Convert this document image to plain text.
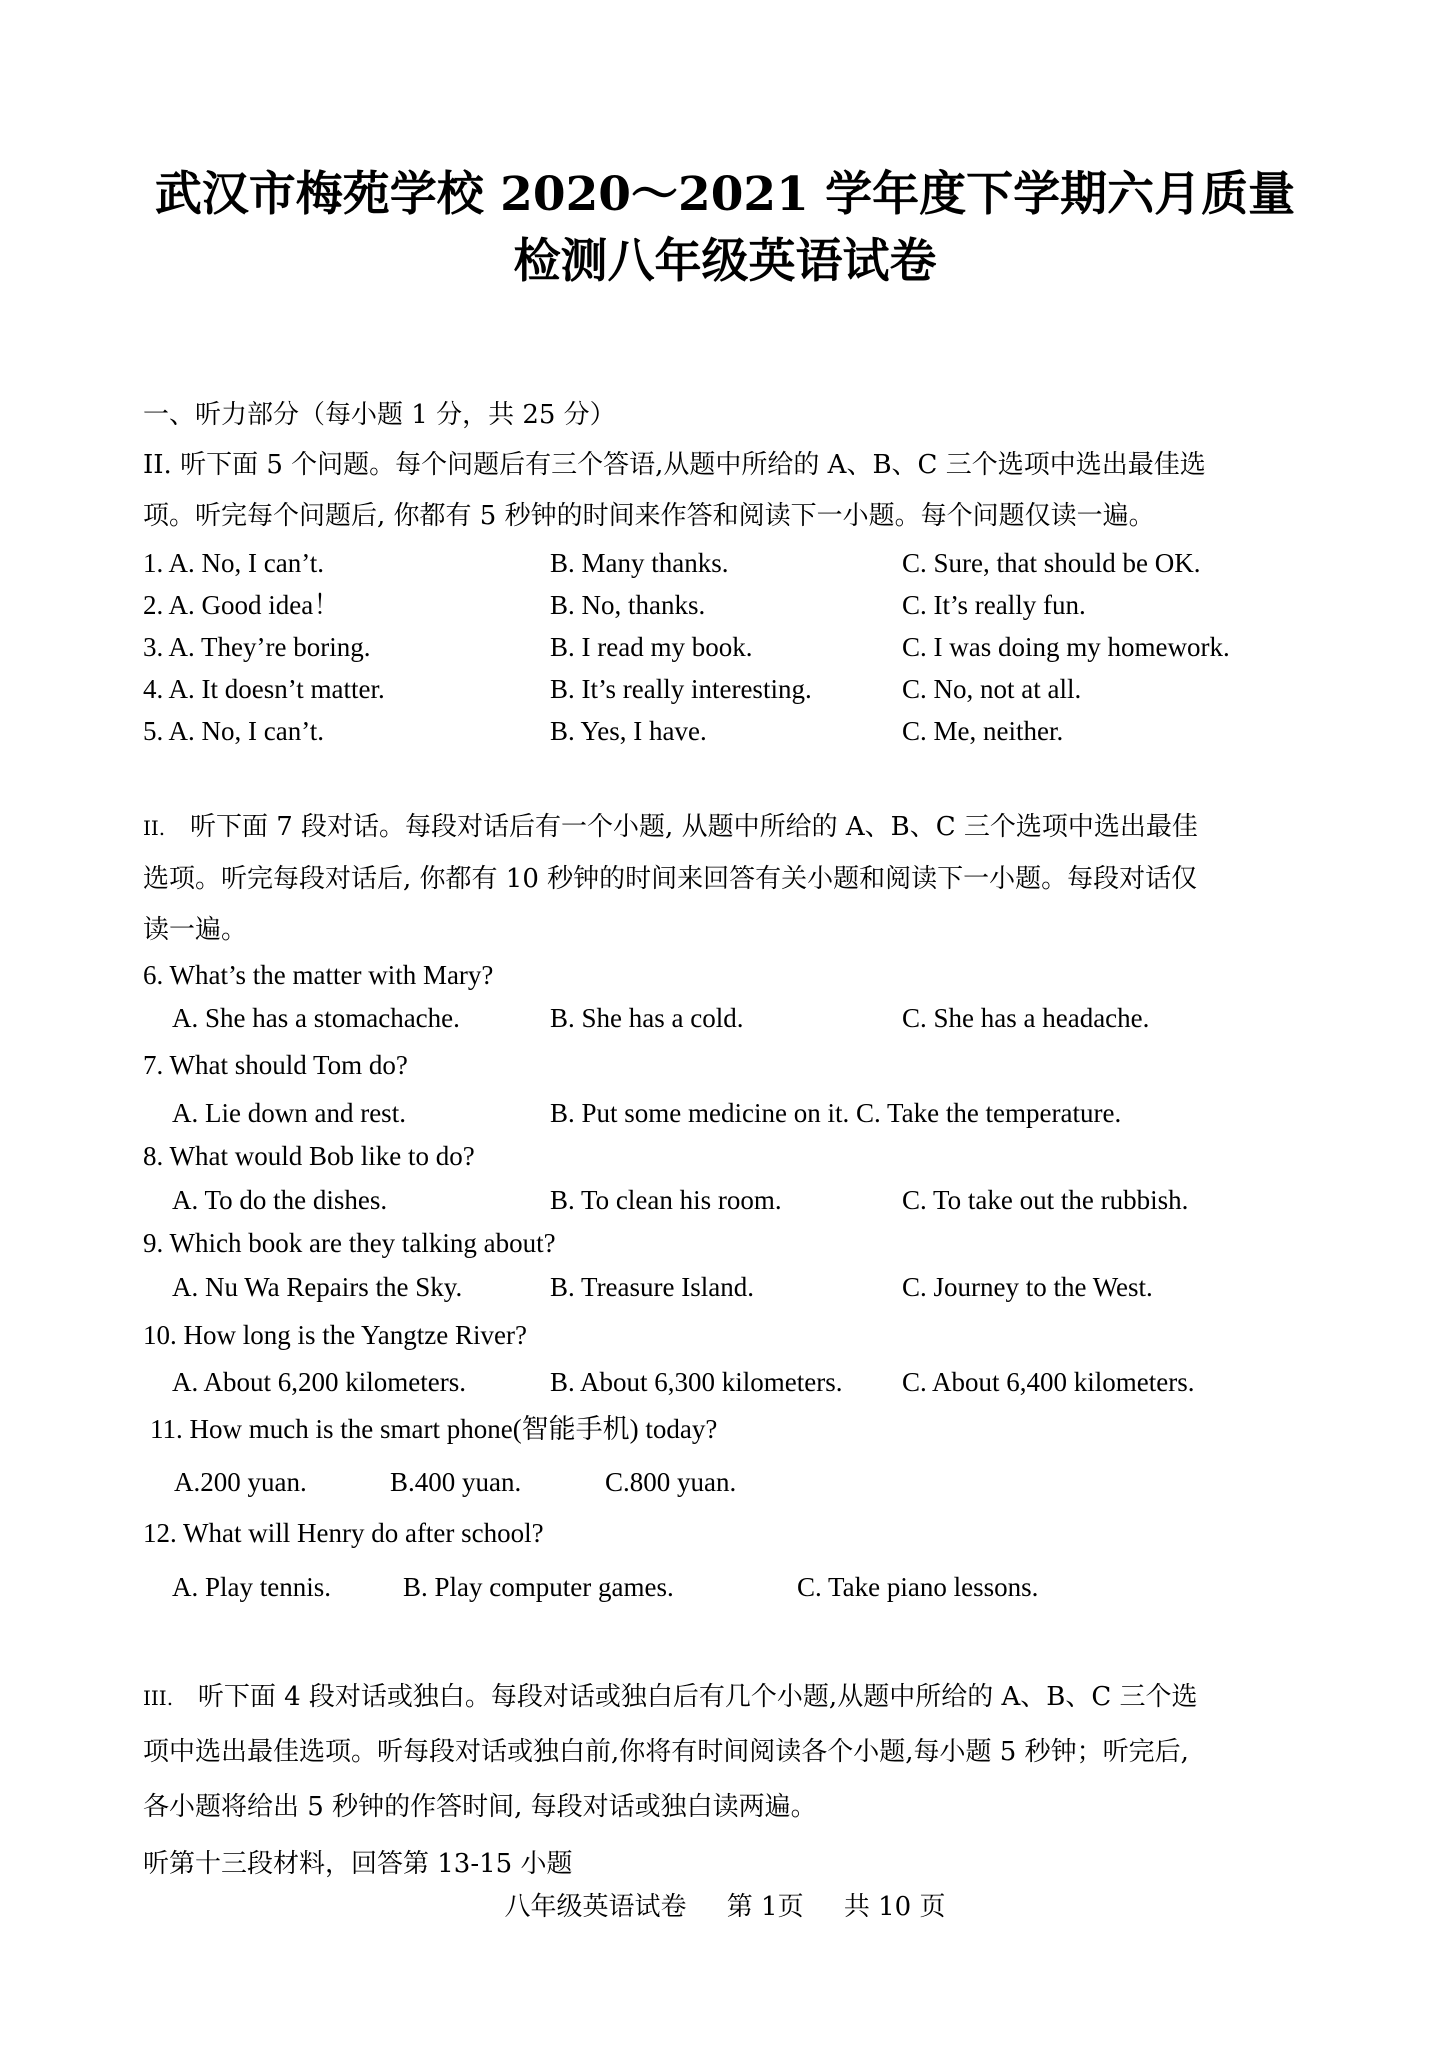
武汉市梅苑学校 2020～2021 学年度下学期六月质量
检测八年级英语试卷

一、听力部分（每小题 1 分，共 25 分）

II. 听下面 5 个问题。每个问题后有三个答语,从题中所给的 A、B、C 三个选项中选出最佳选

项。听完每个问题后, 你都有 5 秒钟的时间来作答和阅读下一小题。每个问题仅读一遍。

1. A. No, I can’t.	B. Many thanks.	C. Sure, that should be OK.
2. A. Good idea！	B. No, thanks.	C. It’s really fun.
3. A. They’re boring.	B. I read my book.	C. I was doing my homework.
4. A. It doesn’t matter.	B. It’s really interesting.	C. No, not at all.
5. A. No, I can’t.	B. Yes, I have.	C. Me, neither.

II. 听下面 7 段对话。每段对话后有一个小题, 从题中所给的 A、B、C 三个选项中选出最佳

选项。听完每段对话后, 你都有 10 秒钟的时间来回答有关小题和阅读下一小题。每段对话仅

读一遍。

6. What’s the matter with Mary?
A. She has a stomachache.	B. She has a cold.	C. She has a headache.
7. What should Tom do?
A. Lie down and rest.	B. Put some medicine on it. C. Take the temperature.
8. What would Bob like to do?
A. To do the dishes.	B. To clean his room.	C. To take out the rubbish.
9. Which book are they talking about?
A. Nu Wa Repairs the Sky.	B. Treasure Island.	C. Journey to the West.
10. How long is the Yangtze River?
A. About 6,200 kilometers.	B. About 6,300 kilometers. C. About 6,400 kilometers.
11. How much is the smart phone(智能手机) today?
A.200 yuan.	B.400 yuan.	C.800 yuan.
12. What will Henry do after school?
A. Play tennis.	B. Play computer games.	C. Take piano lessons.

III. 听下面 4 段对话或独白。每段对话或独白后有几个小题,从题中所给的 A、B、C 三个选

项中选出最佳选项。听每段对话或独白前,你将有时间阅读各个小题,每小题 5 秒钟；听完后,

各小题将给出 5 秒钟的作答时间, 每段对话或独白读两遍。

听第十三段材料，回答第 13-15 小题

八年级英语试卷 第 1页 共 10 页
